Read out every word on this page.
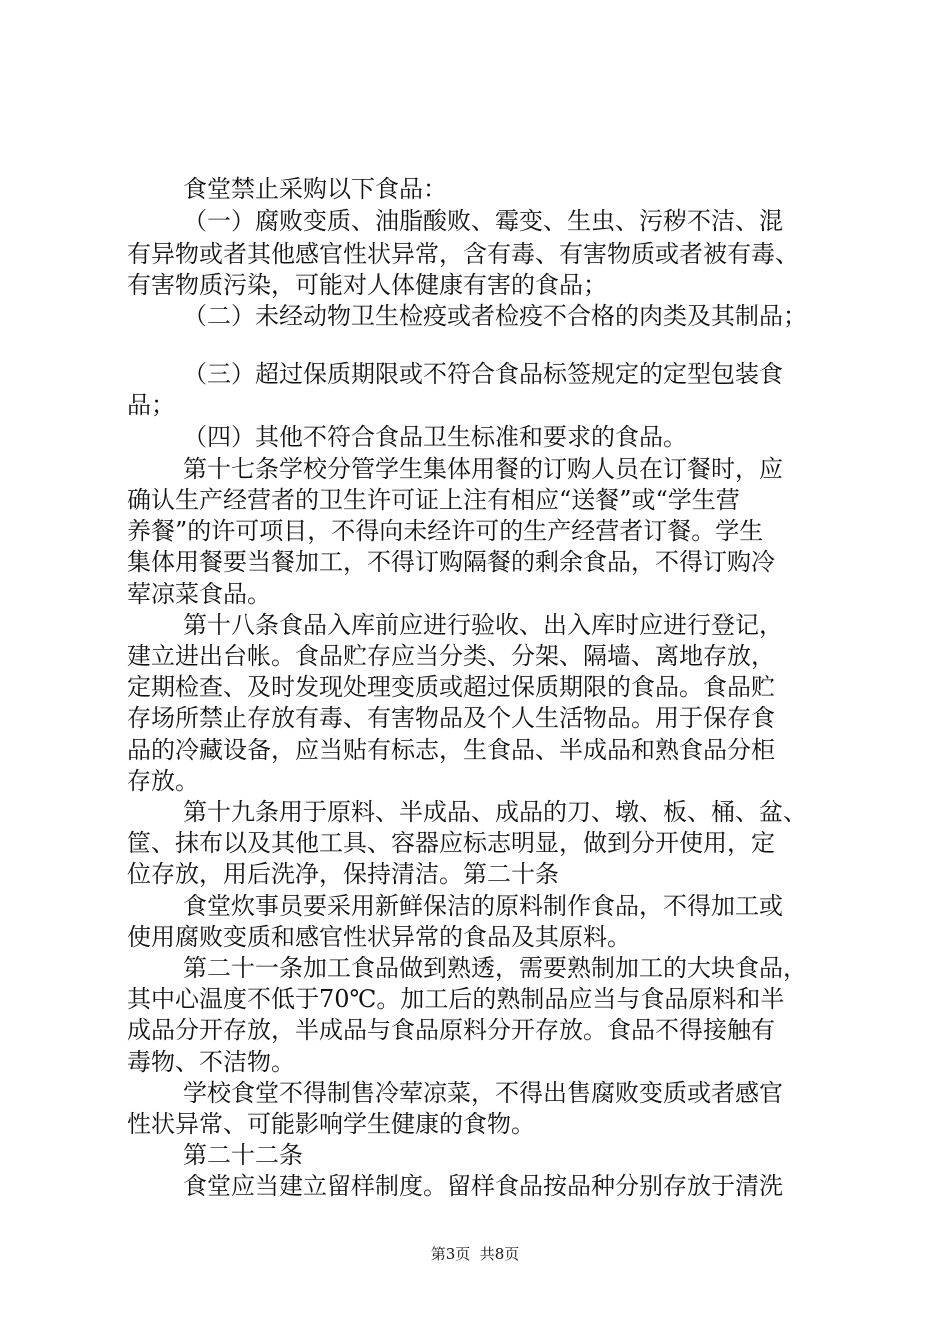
食堂禁止采购以下食品：
（一）腐败变质、油脂酸败、霉变、生虫、污秽不洁、混
有异物或者其他感官性状异常，含有毒、有害物质或者被有毒、
有害物质污染，可能对人体健康有害的食品；
（二）未经动物卫生检疫或者检疫不合格的肉类及其制品；
（三）超过保质期限或不符合食品标签规定的定型包装食
品；
（四）其他不符合食品卫生标准和要求的食品。
第十七条学校分管学生集体用餐的订购人员在订餐时，应
确认生产经营者的卫生许可证上注有相应“送餐”或“学生营
养餐”的许可项目，不得向未经许可的生产经营者订餐。学生
集体用餐要当餐加工，不得订购隔餐的剩余食品，不得订购冷
荤凉菜食品。
第十八条食品入库前应进行验收、出入库时应进行登记，
建立进出台帐。食品贮存应当分类、分架、隔墙、离地存放，
定期检查、及时发现处理变质或超过保质期限的食品。食品贮
存场所禁止存放有毒、有害物品及个人生活物品。用于保存食
品的冷藏设备，应当贴有标志，生食品、半成品和熟食品分柜
存放。
第十九条用于原料、半成品、成品的刀、墩、板、桶、盆、
筐、抹布以及其他工具、容器应标志明显，做到分开使用，定
位存放，用后洗净，保持清洁。第二十条
食堂炊事员要采用新鲜保洁的原料制作食品，不得加工或
使用腐败变质和感官性状异常的食品及其原料。
第二十一条加工食品做到熟透，需要熟制加工的大块食品，
其中心温度不低于70℃。加工后的熟制品应当与食品原料和半
成品分开存放，半成品与食品原料分开存放。食品不得接触有
毒物、不洁物。
学校食堂不得制售冷荤凉菜，不得出售腐败变质或者感官
性状异常、可能影响学生健康的食物。
第二十二条
食堂应当建立留样制度。留样食品按品种分别存放于清洗
第3页  共8页
